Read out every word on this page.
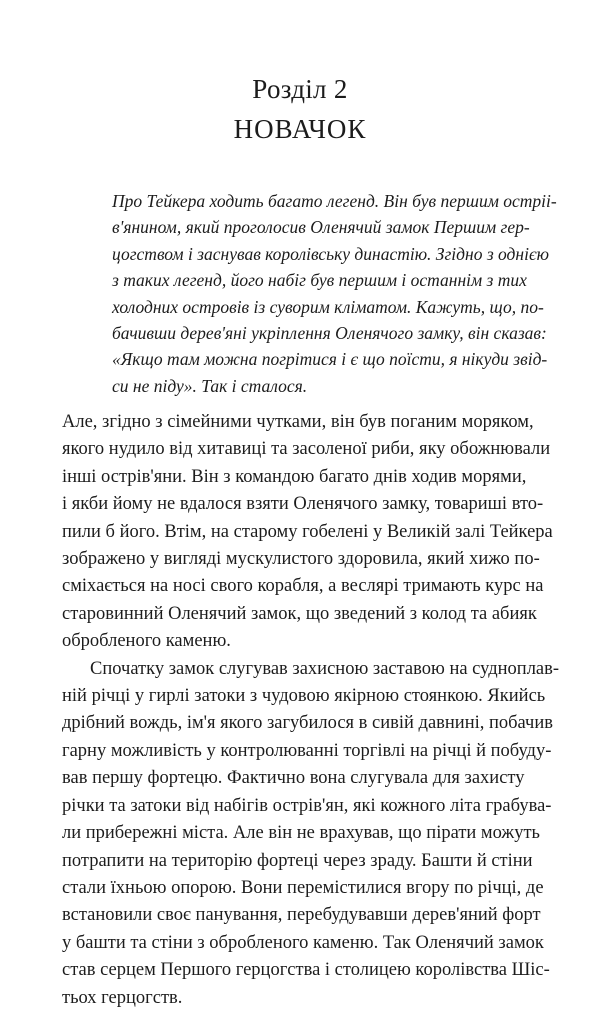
Розділ 2
НОВАЧОК
Про Тейкера ходить багато легенд. Він був першим остріі-
в'янином, який проголосив Оленячий замок Першим гер-
цогством і заснував королівську династію. Згідно з однією
з таких легенд, його набіг був першим і останнім з тих
холодних островів із суворим кліматом. Кажуть, що, по-
бачивши дерев'яні укріплення Оленячого замку, він сказав:
«Якщо там можна погрітися і є що поїсти, я нікуди звід-
си не піду». Так і сталося.
Але, згідно з сімейними чутками, він був поганим моряком,
якого нудило від хитавиці та засоленої риби, яку обожнювали
інші острів'яни. Він з командою багато днів ходив морями,
і якби йому не вдалося взяти Оленячого замку, товариші вто-
пили б його. Втім, на старому гобелені у Великій залі Тейкера
зображено у вигляді мускулистого здоровила, який хижо по-
сміхається на носі свого корабля, а веслярі тримають курс на
старовинний Оленячий замок, що зведений з колод та абияк
обробленого каменю.
Спочатку замок слугував захисною заставою на судноплав-
ній річці у гирлі затоки з чудовою якірною стоянкою. Якийсь
дрібний вождь, ім'я якого загубилося в сивій давнині, побачив
гарну можливість у контролюванні торгівлі на річці й побуду-
вав першу фортецю. Фактично вона слугувала для захисту
річки та затоки від набігів острів'ян, які кожного літа грабува-
ли прибережні міста. Але він не врахував, що пірати можуть
потрапити на територію фортеці через зраду. Башти й стіни
стали їхньою опорою. Вони перемістилися вгору по річці, де
встановили своє панування, перебудувавши дерев'яний форт
у башти та стіни з обробленого каменю. Так Оленячий замок
став серцем Першого герцогства і столицею королівства Шіс-
тьох герцогств.
